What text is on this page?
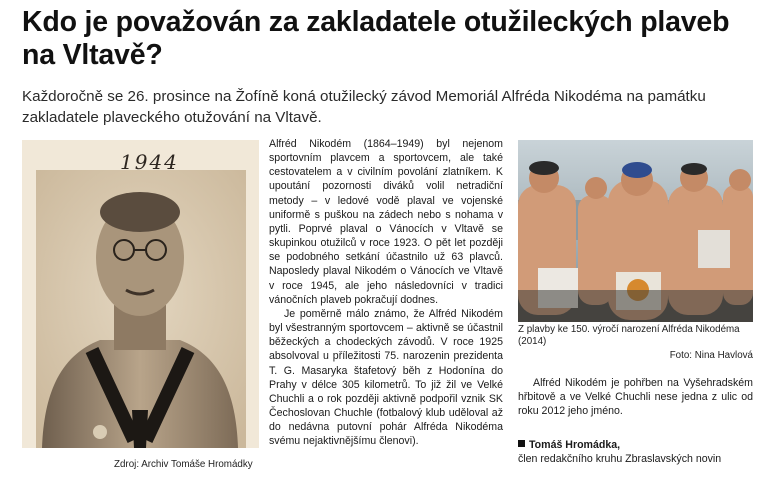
Kdo je považován za zakladatele otužileckých plaveb na Vltavě?

Každoročně se 26. prosince na Žofíně koná otužilecký závod Memoriál Alfréda Nikodéma na památku zakladatele plaveckého otužování na Vltavě.

1944
Zdroj: Archiv Tomáše Hromádky

Alfréd Nikodém (1864–1949) byl nejenom sportovním plavcem a sportovcem, ale také cestovatelem a v civilním povolání zlatníkem. K upoutání pozornosti diváků volil netradiční metody – v ledové vodě plaval ve vojenské uniformě s puškou na zádech nebo s nohama v pytli. Poprvé plaval o Vánocích v Vltavě se skupinkou otužilců v roce 1923. O pět let později se podobného setkání účastnilo už 63 plavců. Naposledy plaval Nikodém o Vánocích ve Vltavě v roce 1945, ale jeho následovníci v tradici vánočních plaveb pokračují dodnes.

Je poměrně málo známo, že Alfréd Nikodém byl všestranným sportovcem – aktivně se účastnil běžeckých a chodeckých závodů. V roce 1925 absolvoval u příležitosti 75. narozenin prezidenta T. G. Masaryka štafetový běh z Hodonína do Prahy v délce 305 kilometrů. To již žil ve Velké Chuchli a o rok později aktivně podpořil vznik SK Čechoslovan Chuchle (fotbalový klub uděloval až do nedávna putovní pohár Alfréda Nikodéma svému nejaktivnějšímu členovi).

Z plavby ke 150. výročí narození Alfréda Nikodéma (2014)
Foto: Nina Havlová

Alfréd Nikodém je pohřben na Vyšehradském hřbitově a ve Velké Chuchli nese jedna z ulic od roku 2012 jeho jméno.

Tomáš Hromádka,
člen redakčního kruhu Zbraslavských novin
